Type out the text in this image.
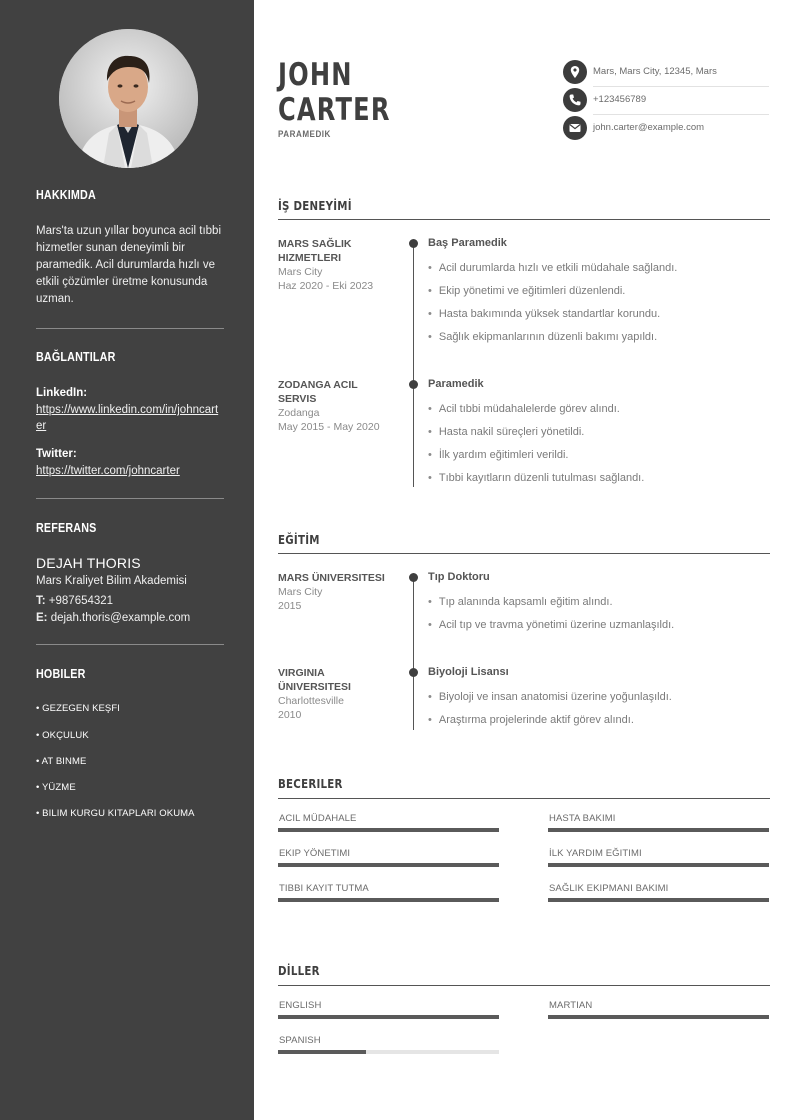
HAKKIMDA
Mars'ta uzun yıllar boyunca acil tıbbi hizmetler sunan deneyimli bir paramedik. Acil durumlarda hızlı ve etkili çözümler üretme konusunda uzman.
BAĞLANTILAR
LinkedIn:
https://www.linkedin.com/in/johncarter
Twitter:
https://twitter.com/johncarter
REFERANS
DEJAH THORIS
Mars Kraliyet Bilim Akademisi
T: +987654321
E: dejah.thoris@example.com
HOBILER
• GEZEGEN KEŞFI
• OKÇULUK
• AT BINME
• YÜZME
• BILIM KURGU KITAPLARI OKUMA
JOHN
CARTER
PARAMEDIK
Mars, Mars City, 12345, Mars
+123456789
john.carter@example.com
İŞ DENEYİMİ
MARS SAĞLIK HIZMETLERI
Mars City
Haz 2020 - Eki 2023
Baş Paramedik
• Acil durumlarda hızlı ve etkili müdahale sağlandı.
• Ekip yönetimi ve eğitimleri düzenlendi.
• Hasta bakımında yüksek standartlar korundu.
• Sağlık ekipmanlarının düzenli bakımı yapıldı.
ZODANGA ACIL SERVIS
Zodanga
May 2015 - May 2020
Paramedik
• Acil tıbbi müdahalelerde görev alındı.
• Hasta nakil süreçleri yönetildi.
• İlk yardım eğitimleri verildi.
• Tıbbi kayıtların düzenli tutulması sağlandı.
EĞİTİM
MARS ÜNIVERSITESI
Mars City
2015
Tıp Doktoru
• Tıp alanında kapsamlı eğitim alındı.
• Acil tıp ve travma yönetimi üzerine uzmanlaşıldı.
VIRGINIA ÜNIVERSITESI
Charlottesville
2010
Biyoloji Lisansı
• Biyoloji ve insan anatomisi üzerine yoğunlaşıldı.
• Araştırma projelerinde aktif görev alındı.
BECERILER
ACIL MÜDAHALE	HASTA BAKIMI
EKIP YÖNETIMI	İLK YARDIM EĞITIMI
TIBBI KAYIT TUTMA	SAĞLIK EKIPMANI BAKIMI
DİLLER
ENGLISH	MARTIAN
SPANISH
